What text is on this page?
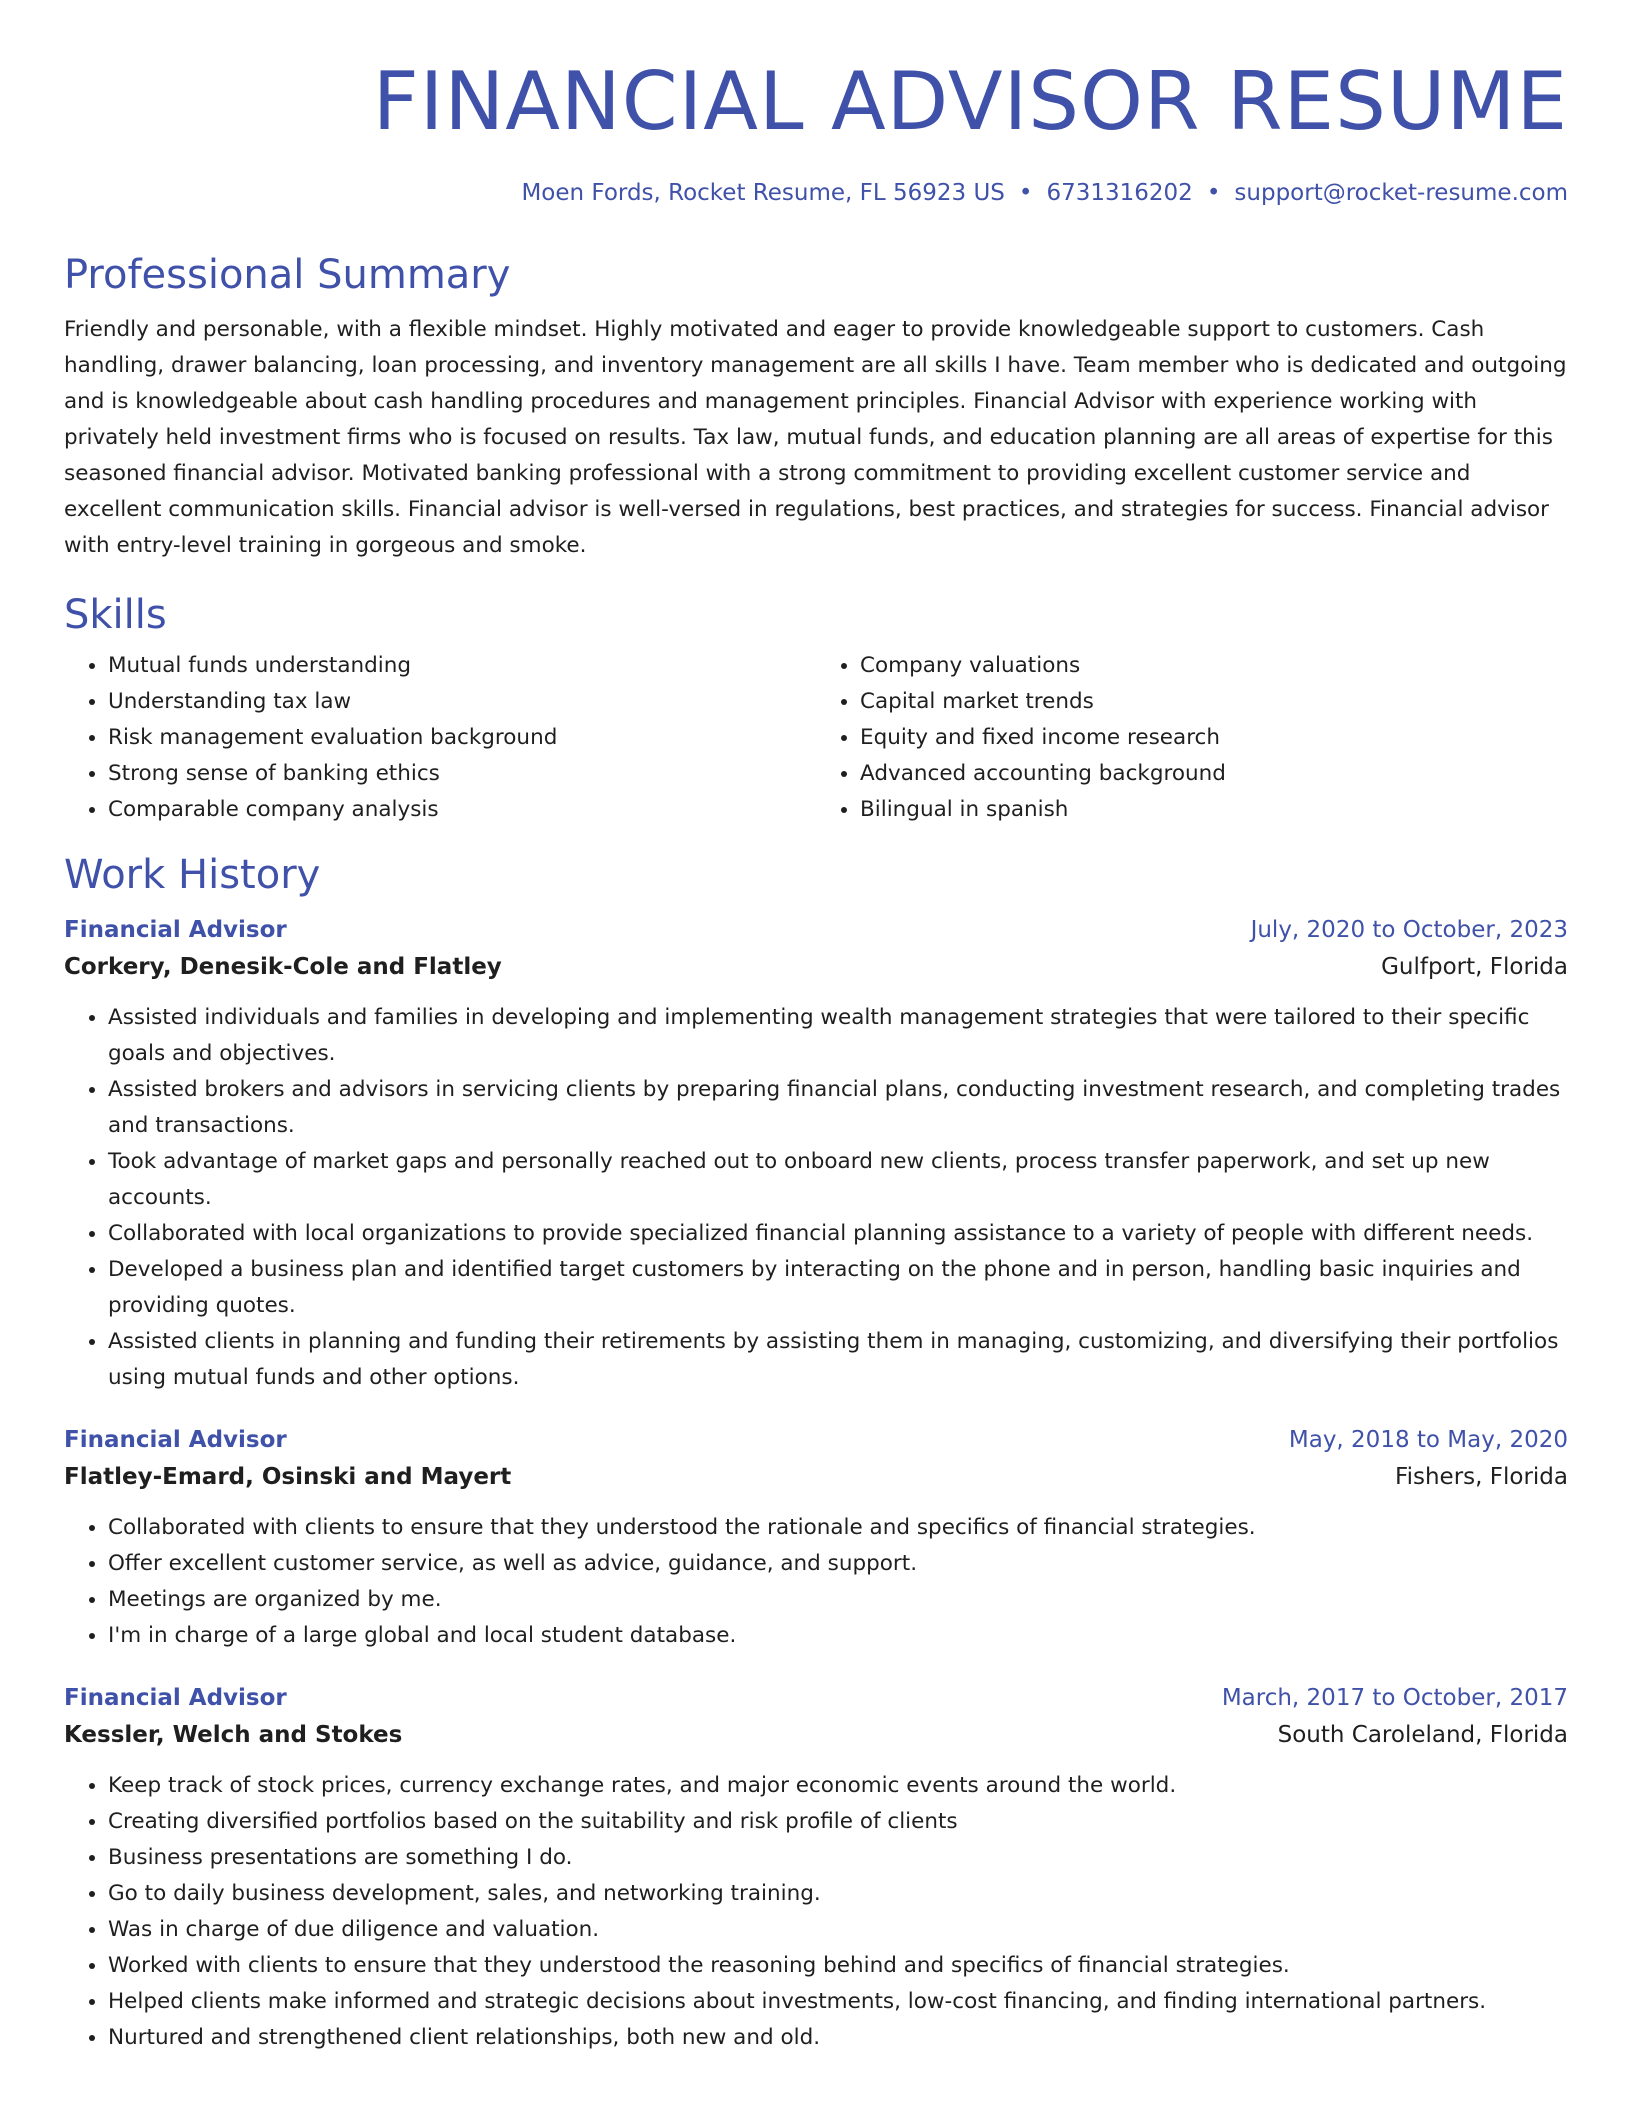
FINANCIAL ADVISOR RESUME
Moen Fords, Rocket Resume, FL 56923 US • 6731316202 • support@rocket-resume.com
Professional Summary

Friendly and personable, with a flexible mindset. Highly motivated and eager to provide knowledgeable support to customers. Cash handling, drawer balancing, loan processing, and inventory management are all skills I have. Team member who is dedicated and outgoing and is knowledgeable about cash handling procedures and management principles. Financial Advisor with experience working with privately held investment firms who is focused on results. Tax law, mutual funds, and education planning are all areas of expertise for this seasoned financial advisor. Motivated banking professional with a strong commitment to providing excellent customer service and excellent communication skills. Financial advisor is well-versed in regulations, best practices, and strategies for success. Financial advisor with entry-level training in gorgeous and smoke.

Skills
• Mutual funds understanding
• Understanding tax law
• Risk management evaluation background
• Strong sense of banking ethics
• Comparable company analysis
• Company valuations
• Capital market trends
• Equity and fixed income research
• Advanced accounting background
• Bilingual in spanish
Work History
Financial Advisor	July, 2020 to October, 2023
Corkery, Denesik-Cole and Flatley	Gulfport, Florida
• Assisted individuals and families in developing and implementing wealth management strategies that were tailored to their specific goals and objectives.
• Assisted brokers and advisors in servicing clients by preparing financial plans, conducting investment research, and completing trades and transactions.
• Took advantage of market gaps and personally reached out to onboard new clients, process transfer paperwork, and set up new accounts.
• Collaborated with local organizations to provide specialized financial planning assistance to a variety of people with different needs.
• Developed a business plan and identified target customers by interacting on the phone and in person, handling basic inquiries and providing quotes.
• Assisted clients in planning and funding their retirements by assisting them in managing, customizing, and diversifying their portfolios using mutual funds and other options.
Financial Advisor	May, 2018 to May, 2020
Flatley-Emard, Osinski and Mayert	Fishers, Florida
• Collaborated with clients to ensure that they understood the rationale and specifics of financial strategies.
• Offer excellent customer service, as well as advice, guidance, and support.
• Meetings are organized by me.
• I'm in charge of a large global and local student database.
Financial Advisor	March, 2017 to October, 2017
Kessler, Welch and Stokes	South Caroleland, Florida
• Keep track of stock prices, currency exchange rates, and major economic events around the world.
• Creating diversified portfolios based on the suitability and risk profile of clients
• Business presentations are something I do.
• Go to daily business development, sales, and networking training.
• Was in charge of due diligence and valuation.
• Worked with clients to ensure that they understood the reasoning behind and specifics of financial strategies.
• Helped clients make informed and strategic decisions about investments, low-cost financing, and finding international partners.
• Nurtured and strengthened client relationships, both new and old.
